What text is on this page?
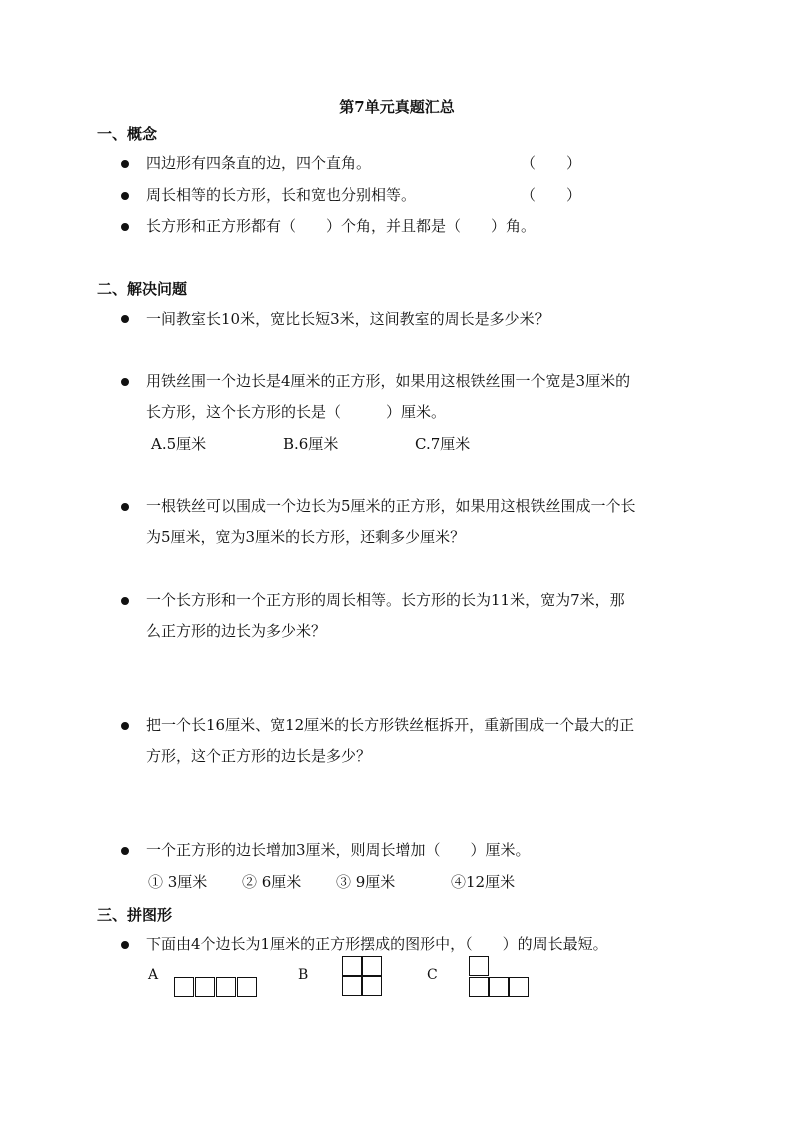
第7单元真题汇总
一、概念
四边形有四条直的边，四个直角。	（　　）
周长相等的长方形，长和宽也分别相等。	（　　）
长方形和正方形都有（　　）个角，并且都是（　　）角。
二、解决问题
一间教室长10米，宽比长短3米，这间教室的周长是多少米？
用铁丝围一个边长是4厘米的正方形，如果用这根铁丝围一个宽是3厘米的
长方形，这个长方形的长是（　　　）厘米。
A.5厘米	B.6厘米	C.7厘米
一根铁丝可以围成一个边长为5厘米的正方形，如果用这根铁丝围成一个长
为5厘米，宽为3厘米的长方形，还剩多少厘米？
一个长方形和一个正方形的周长相等。长方形的长为11米，宽为7米，那
么正方形的边长为多少米？
把一个长16厘米、宽12厘米的长方形铁丝框拆开，重新围成一个最大的正
方形，这个正方形的边长是多少？
一个正方形的边长增加3厘米，则周长增加（　　）厘米。
① 3厘米 ② 6厘米 ③ 9厘米	④12厘米
三、拼图形
下面由4个边长为1厘米的正方形摆成的图形中，（　　）的周长最短。
A	B	C
